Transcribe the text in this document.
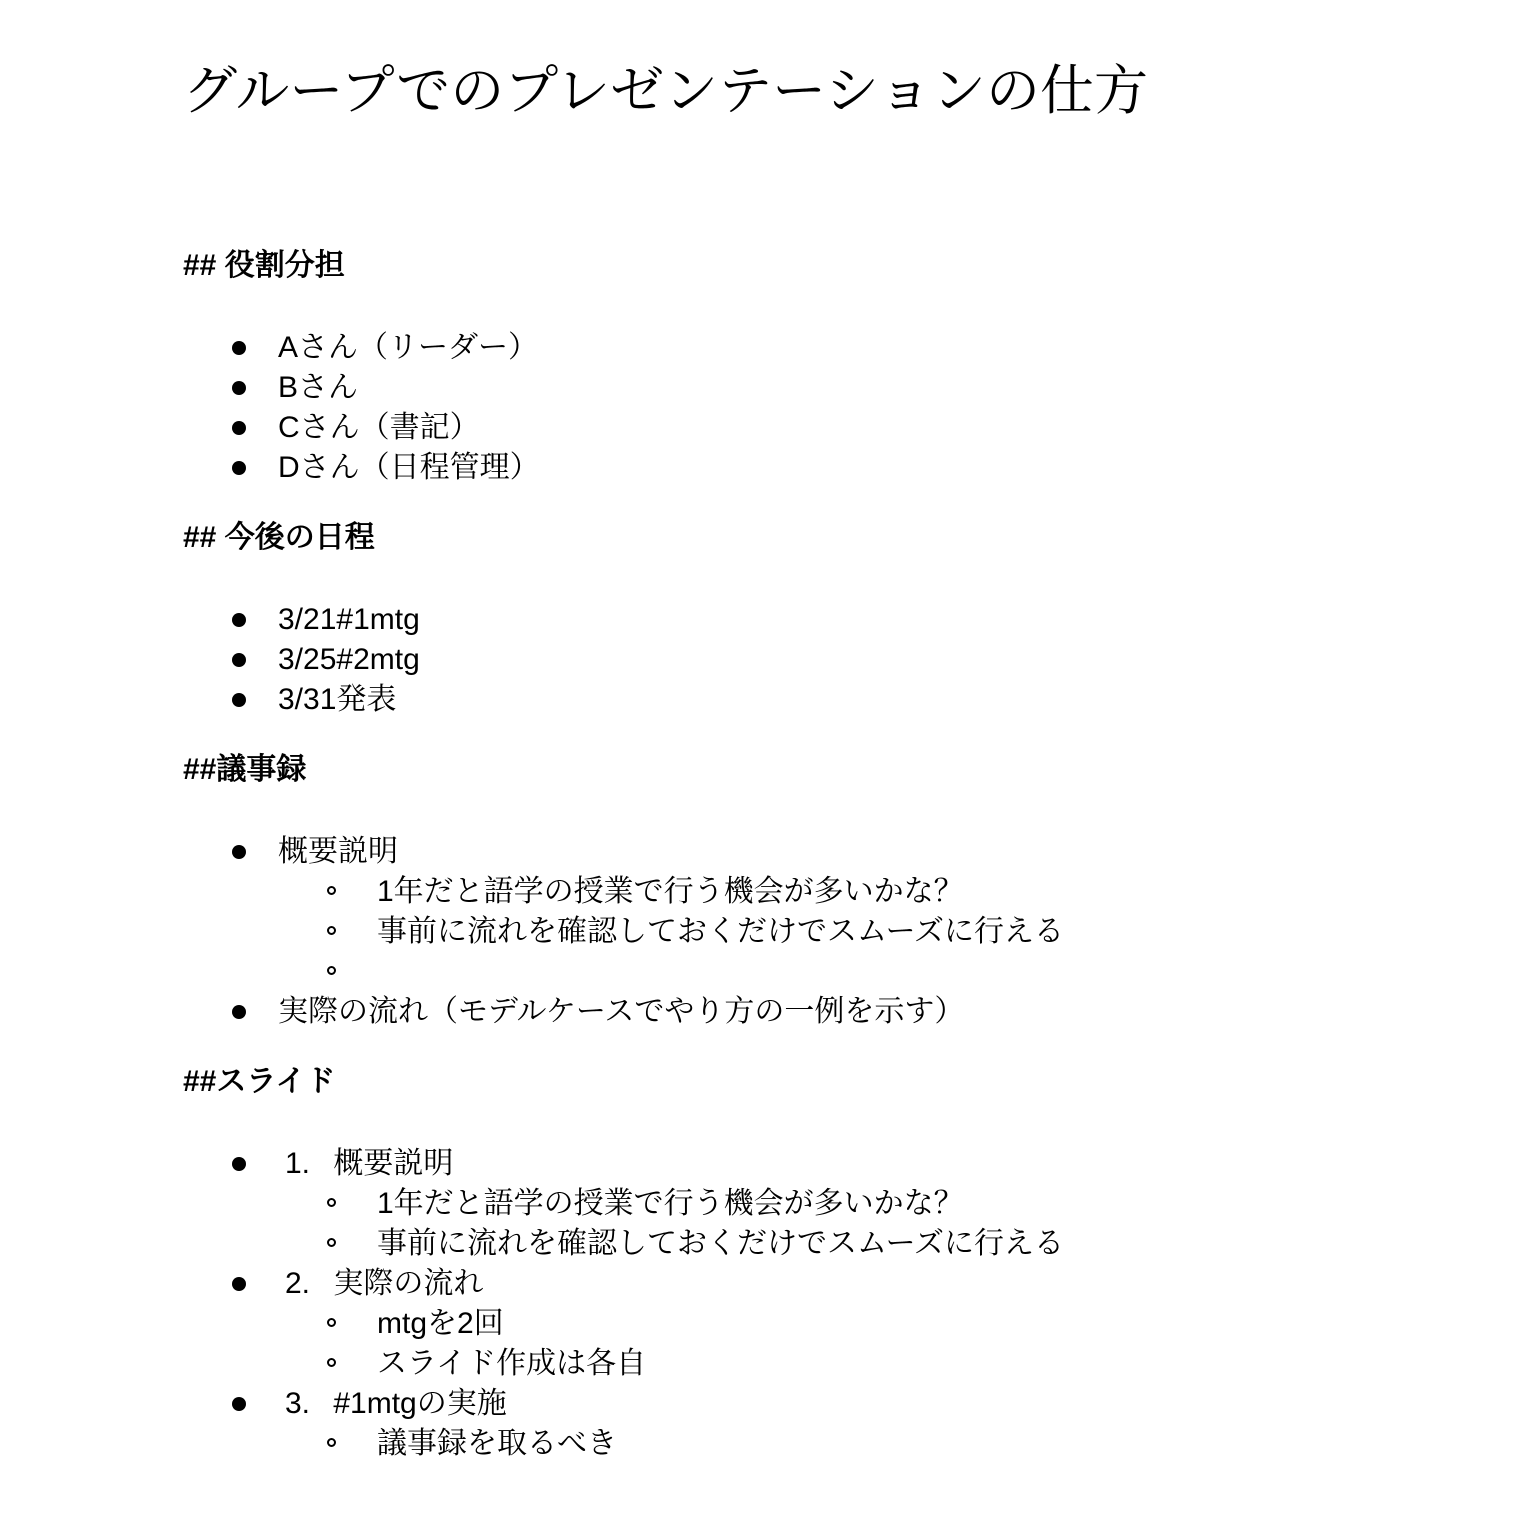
グループでのプレゼンテーションの仕方
## 役割分担
Aさん（リーダー）
Bさん
Cさん（書記）
Dさん（日程管理）
## 今後の日程
3/21#1mtg
3/25#2mtg
3/31発表
##議事録
概要説明
1年だと語学の授業で行う機会が多いかな？
事前に流れを確認しておくだけでスムーズに行える
実際の流れ（モデルケースでやり方の一例を示す）
##スライド
1. 概要説明
1年だと語学の授業で行う機会が多いかな？
事前に流れを確認しておくだけでスムーズに行える
2. 実際の流れ
mtgを2回
スライド作成は各自
3. #1mtgの実施
議事録を取るべき
